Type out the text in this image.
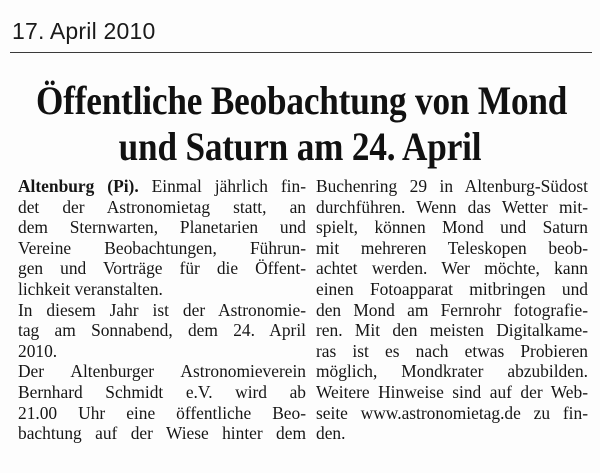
17. April 2010
Öffentliche Beobachtung von Mond
und Saturn am 24. April
Altenburg (Pi). Einmal jährlich fin-
det der Astronomietag statt, an
dem Sternwarten, Planetarien und
Vereine Beobachtungen, Führun-
gen und Vorträge für die Öffent-
lichkeit veranstalten.
In diesem Jahr ist der Astronomie-
tag am Sonnabend, dem 24. April
2010.
Der Altenburger Astronomieverein
Bernhard Schmidt e.V. wird ab
21.00 Uhr eine öffentliche Beo-
bachtung auf der Wiese hinter dem
Buchenring 29 in Altenburg-Südost
durchführen. Wenn das Wetter mit-
spielt, können Mond und Saturn
mit mehreren Teleskopen beob-
achtet werden. Wer möchte, kann
einen Fotoapparat mitbringen und
den Mond am Fernrohr fotografie-
ren. Mit den meisten Digitalkame-
ras ist es nach etwas Probieren
möglich, Mondkrater abzubilden.
Weitere Hinweise sind auf der Web-
seite www.astronomietag.de zu fin-
den.
